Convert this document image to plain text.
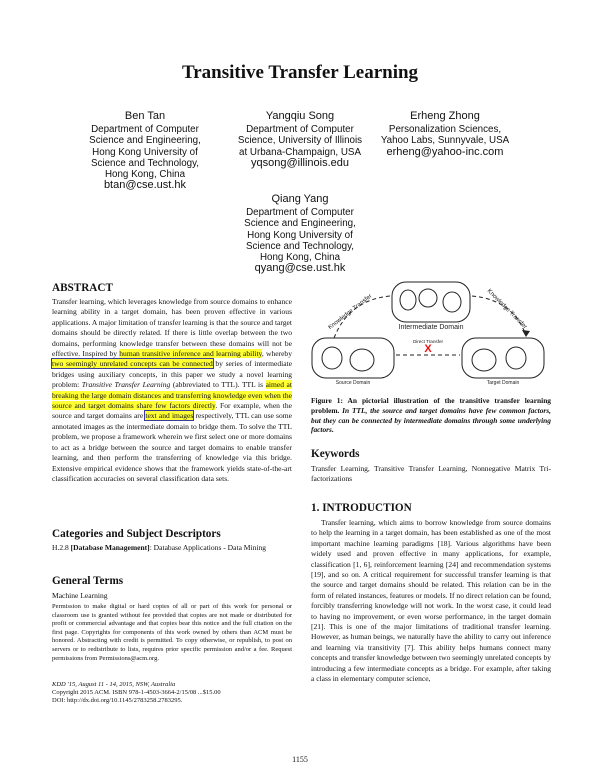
Transitive Transfer Learning
Ben Tan
Department of Computer
Science and Engineering,
Hong Kong University of
Science and Technology,
Hong Kong, China
btan@cse.ust.hk
Yangqiu Song
Department of Computer
Science, University of Illinois
at Urbana-Champaign, USA
yqsong@illinois.edu
Erheng Zhong
Personalization Sciences,
Yahoo Labs, Sunnyvale, USA
erheng@yahoo-inc.com
Qiang Yang
Department of Computer
Science and Engineering,
Hong Kong University of
Science and Technology,
Hong Kong, China
qyang@cse.ust.hk
ABSTRACT
Transfer learning, which leverages knowledge from source domains to enhance learning ability in a target domain, has been proven effective in various applications. A major limitation of transfer learning is that the source and target domains should be directly related. If there is little overlap between the two domains, performing knowledge transfer between these domains will not be effective. Inspired by human transitive inference and learning ability, whereby two seemingly unrelated concepts can be connected by series of intermediate bridges using auxiliary concepts, in this paper we study a novel learning problem: Transitive Transfer Learning (abbreviated to TTL). TTL is aimed at breaking the large domain distances and transferring knowledge even when the source and target domains share few factors directly. For example, when the source and target domains are text and images respectively, TTL can use some annotated images as the intermediate domain to bridge them. To solve the TTL problem, we propose a framework wherein we first select one or more domains to act as a bridge between the source and target domains to enable transfer learning, and then perform the transferring of knowledge via this bridge. Extensive empirical evidence shows that the framework yields state-of-the-art classification accuracies on several classification data sets.
Categories and Subject Descriptors
H.2.8 [Database Management]: Database Applications - Data Mining
General Terms
Machine Learning
Permission to make digital or hard copies of all or part of this work for personal or classroom use is granted without fee provided that copies are not made or distributed for profit or commercial advantage and that copies bear this notice and the full citation on the first page. Copyrights for components of this work owned by others than ACM must be honored. Abstracting with credit is permitted. To copy otherwise, or republish, to post on servers or to redistribute to lists, requires prior specific permission and/or a fee. Request permissions from Permissions@acm.org.
KDD '15, August 11 - 14, 2015, NSW, Australia
Copyright 2015 ACM. ISBN 978-1-4503-3664-2/15/08 ...$15.00
DOI: http://dx.doi.org/10.1145/2783258.2783295.
Intermediate Domain
Source Domain	Target Domain
Knowledge Transfer	Knowledge Transfer
Direct Transfer
X
Figure 1: An pictorial illustration of the transitive transfer learning problem. In TTL, the source and target domains have few common factors, but they can be connected by intermediate domains through some underlying factors.
Keywords
Transfer Learning, Transitive Transfer Learning, Nonnegative Matrix Tri-factorizations
1. INTRODUCTION
Transfer learning, which aims to borrow knowledge from source domains to help the learning in a target domain, has been established as one of the most important machine learning paradigms [18]. Various algorithms have been widely used and proven effective in many applications, for example, classification [1, 6], reinforcement learning [24] and recommendation systems [19], and so on. A critical requirement for successful transfer learning is that the source and target domains should be related. This relation can be in the form of related instances, features or models. If no direct relation can be found, forcibly transferring knowledge will not work. In the worst case, it could lead to having no improvement, or even worse performance, in the target domain [21]. This is one of the major limitations of traditional transfer learning. However, as human beings, we naturally have the ability to carry out inference and learning via transitivity [7]. This ability helps humans connect many concepts and transfer knowledge between two seemingly unrelated concepts by introducing a few intermediate concepts as a bridge. For example, after taking a class in elementary computer science,
1155
